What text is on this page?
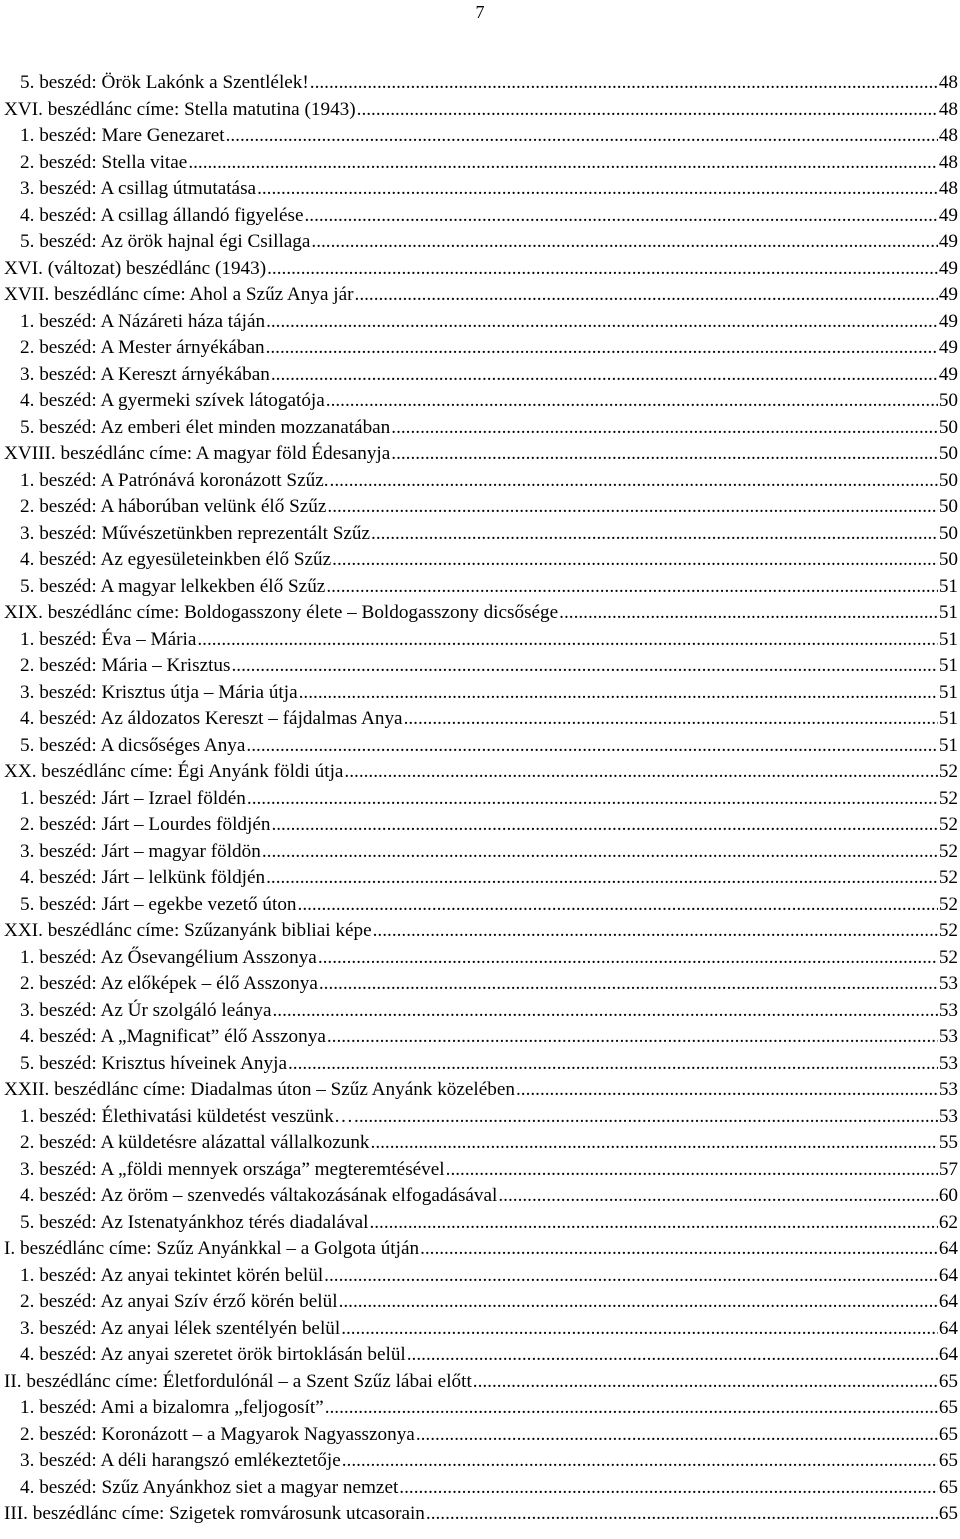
7
5. beszéd: Örök Lakónk a Szentlélek! .....	48
XVI. beszédlánc címe: Stella matutina (1943) .....	48
1. beszéd: Mare Genezaret .....	48
2. beszéd: Stella vitae .....	48
3. beszéd: A csillag útmutatása .....	48
4. beszéd: A csillag állandó figyelése .....	49
5. beszéd: Az örök hajnal égi Csillaga .....	49
XVI. (változat) beszédlánc (1943) .....	49
XVII. beszédlánc címe: Ahol a Szűz Anya jár .....	49
1. beszéd: A Názáreti háza táján .....	49
2. beszéd: A Mester árnyékában .....	49
3. beszéd: A Kereszt árnyékában .....	49
4. beszéd: A gyermeki szívek látogatója .....	50
5. beszéd: Az emberi élet minden mozzanatában .....	50
XVIII. beszédlánc címe: A magyar föld Édesanyja .....	50
1. beszéd: A Patrónává koronázott Szűz. .....	50
2. beszéd: A háborúban velünk élő Szűz .....	50
3. beszéd: Művészetünkben reprezentált Szűz .....	50
4. beszéd: Az egyesületeinkben élő Szűz .....	50
5. beszéd: A magyar lelkekben élő Szűz .....	51
XIX. beszédlánc címe: Boldogasszony élete – Boldogasszony dicsősége .....	51
1. beszéd: Éva – Mária .....	51
2. beszéd: Mária – Krisztus .....	51
3. beszéd: Krisztus útja – Mária útja .....	51
4. beszéd: Az áldozatos Kereszt – fájdalmas Anya .....	51
5. beszéd: A dicsőséges Anya .....	51
XX. beszédlánc címe: Égi Anyánk földi útja .....	52
1. beszéd: Járt – Izrael földén .....	52
2. beszéd: Járt – Lourdes földjén .....	52
3. beszéd: Járt – magyar földön .....	52
4. beszéd: Járt – lelkünk földjén .....	52
5. beszéd: Járt – egekbe vezető úton .....	52
XXI. beszédlánc címe: Szűzanyánk bibliai képe .....	52
1. beszéd: Az Ősevangélium Asszonya .....	52
2. beszéd: Az előképek – élő Asszonya .....	53
3. beszéd: Az Úr szolgáló leánya .....	53
4. beszéd: A „Magnificat” élő Asszonya .....	53
5. beszéd: Krisztus híveinek Anyja .....	53
XXII. beszédlánc címe: Diadalmas úton – Szűz Anyánk közelében .....	53
1. beszéd: Élethivatási küldetést veszünk… .....	53
2. beszéd: A küldetésre alázattal vállalkozunk .....	55
3. beszéd: A „földi mennyek országa” megteremtésével .....	57
4. beszéd: Az öröm – szenvedés váltakozásának elfogadásával .....	60
5. beszéd: Az Istenatyánkhoz térés diadalával .....	62
I. beszédlánc címe: Szűz Anyánkkal – a Golgota útján .....	64
1. beszéd: Az anyai tekintet körén belül .....	64
2. beszéd: Az anyai Szív érző körén belül .....	64
3. beszéd: Az anyai lélek szentélyén belül .....	64
4. beszéd: Az anyai szeretet örök birtoklásán belül .....	64
II. beszédlánc címe: Életfordulónál – a Szent Szűz lábai előtt .....	65
1. beszéd: Ami a bizalomra „feljogosít” .....	65
2. beszéd: Koronázott – a Magyarok Nagyasszonya .....	65
3. beszéd: A déli harangszó emlékeztetője .....	65
4. beszéd: Szűz Anyánkhoz siet a magyar nemzet .....	65
III. beszédlánc címe: Szigetek romvárosunk utcasorain .....	65
